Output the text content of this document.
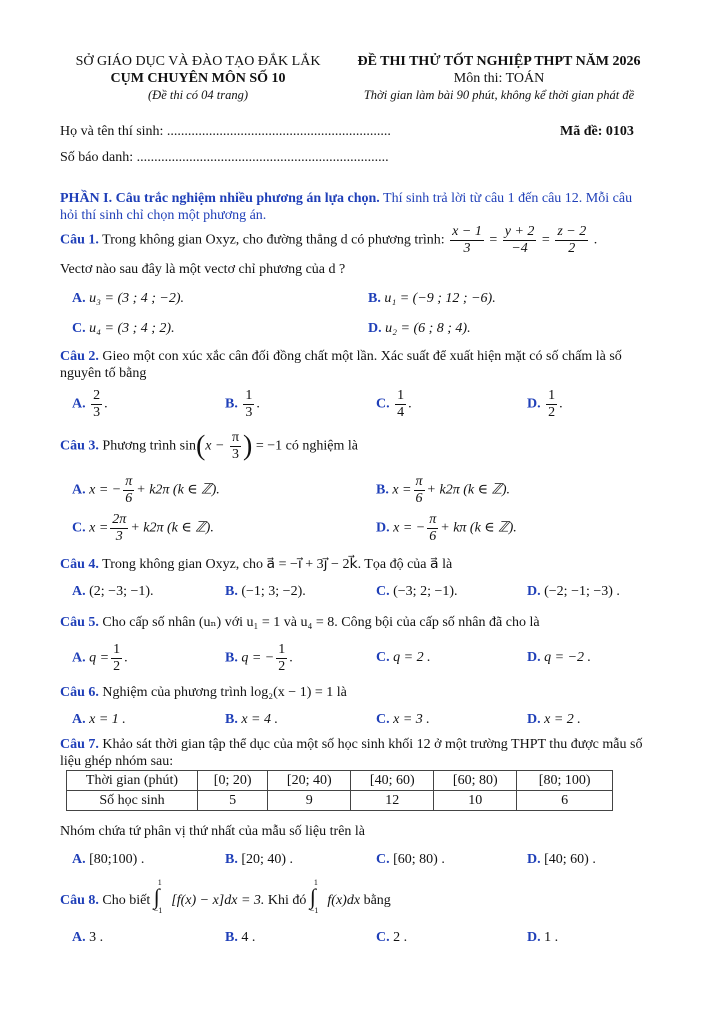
SỞ GIÁO DỤC VÀ ĐÀO TẠO ĐẮK LẮK
CỤM CHUYÊN MÔN SỐ 10
(Đề thi có 04 trang)
ĐỀ THI THỬ TỐT NGHIỆP THPT NĂM 2026
Môn thi: TOÁN
Thời gian làm bài 90 phút, không kể thời gian phát đề
Họ và tên thí sinh: ................................................................	Mã đề: 0103
Số báo danh: ........................................................................
PHẦN I. Câu trắc nghiệm nhiều phương án lựa chọn. Thí sinh trả lời từ câu 1 đến câu 12. Mỗi câu
hỏi thí sinh chỉ chọn một phương án.
Câu 1. Trong không gian Oxyz, cho đường thẳng d có phương trình: $\frac{x - 1}{3} = \frac{y + 2}{-4} = \frac{z - 2}{2}$ .
Vectơ nào sau đây là một vectơ chỉ phương của d ?
A. u₃ = (3 ; 4 ; −2).	B. u₁ = (−9 ; 12 ; −6).
C. u₄ = (3 ; 4 ; 2).	D. u₂ = (6 ; 8 ; 4).
Câu 2. Gieo một con xúc xắc cân đối đồng chất một lần. Xác suất để xuất hiện mặt có số chấm là số
nguyên tố bằng
A. $\frac{2}{3}$ .	B. $\frac{1}{3}$ .	C. $\frac{1}{4}$ .	D. $\frac{1}{2}$ .
Câu 3. Phương trình $\sin(x - \frac{\pi}{3}$ ) = −1 có nghiệm là
A. x = − $\frac{\pi}{6} + k2\pi$ (k ∈ ℤ).	B. $x = \frac{\pi}{6} + k2\pi$ (k ∈ ℤ).
C. $x = \frac{2\pi}{3} + k2\pi$ (k ∈ ℤ).	D. x = − $\frac{\pi}{6} + k\pi$ (k ∈ ℤ).
Câu 4. Trong không gian Oxyz, cho a⃗ = −i⃗ + 3j⃗ − 2k⃗. Tọa độ của a⃗ là
A. (2; −3; −1).	B. (−1; 3; −2).	C. (−3; 2; −1).	D. (−2; −1; −3) .
Câu 5. Cho cấp số nhân (uₙ) với u₁ = 1 và u₄ = 8. Công bội của cấp số nhân đã cho là
A. $q = \frac{1}{2}$ .	B. q = − $\frac{1}{2}$ .	C. q = 2 .	D. q = −2 .
Câu 6. Nghiệm của phương trình log₂(x − 1) = 1 là
A. x = 1 .	B. x = 4 .	C. x = 3 .	D. x = 2 .
Câu 7. Khảo sát thời gian tập thể dục của một số học sinh khối 12 ở một trường THPT thu được mẫu số
liệu ghép nhóm sau:
Thời gian (phút)	[0; 20)	[20; 40)	[40; 60)	[60; 80)	[80; 100)
Số học sinh	5	9	12	10	6
Nhóm chứa tứ phân vị thứ nhất của mẫu số liệu trên là
A. [80;100) .	B. [20; 40) .	C. [60; 80) .	D. [40; 60) .
Câu 8. Cho biết ∫
1
−1
[f(x) − x]dx = 3. Khi đó ∫
1
−1
f(x)dx bằng
A. 3 .	B. 4 .	C. 2 .	D. 1 .
